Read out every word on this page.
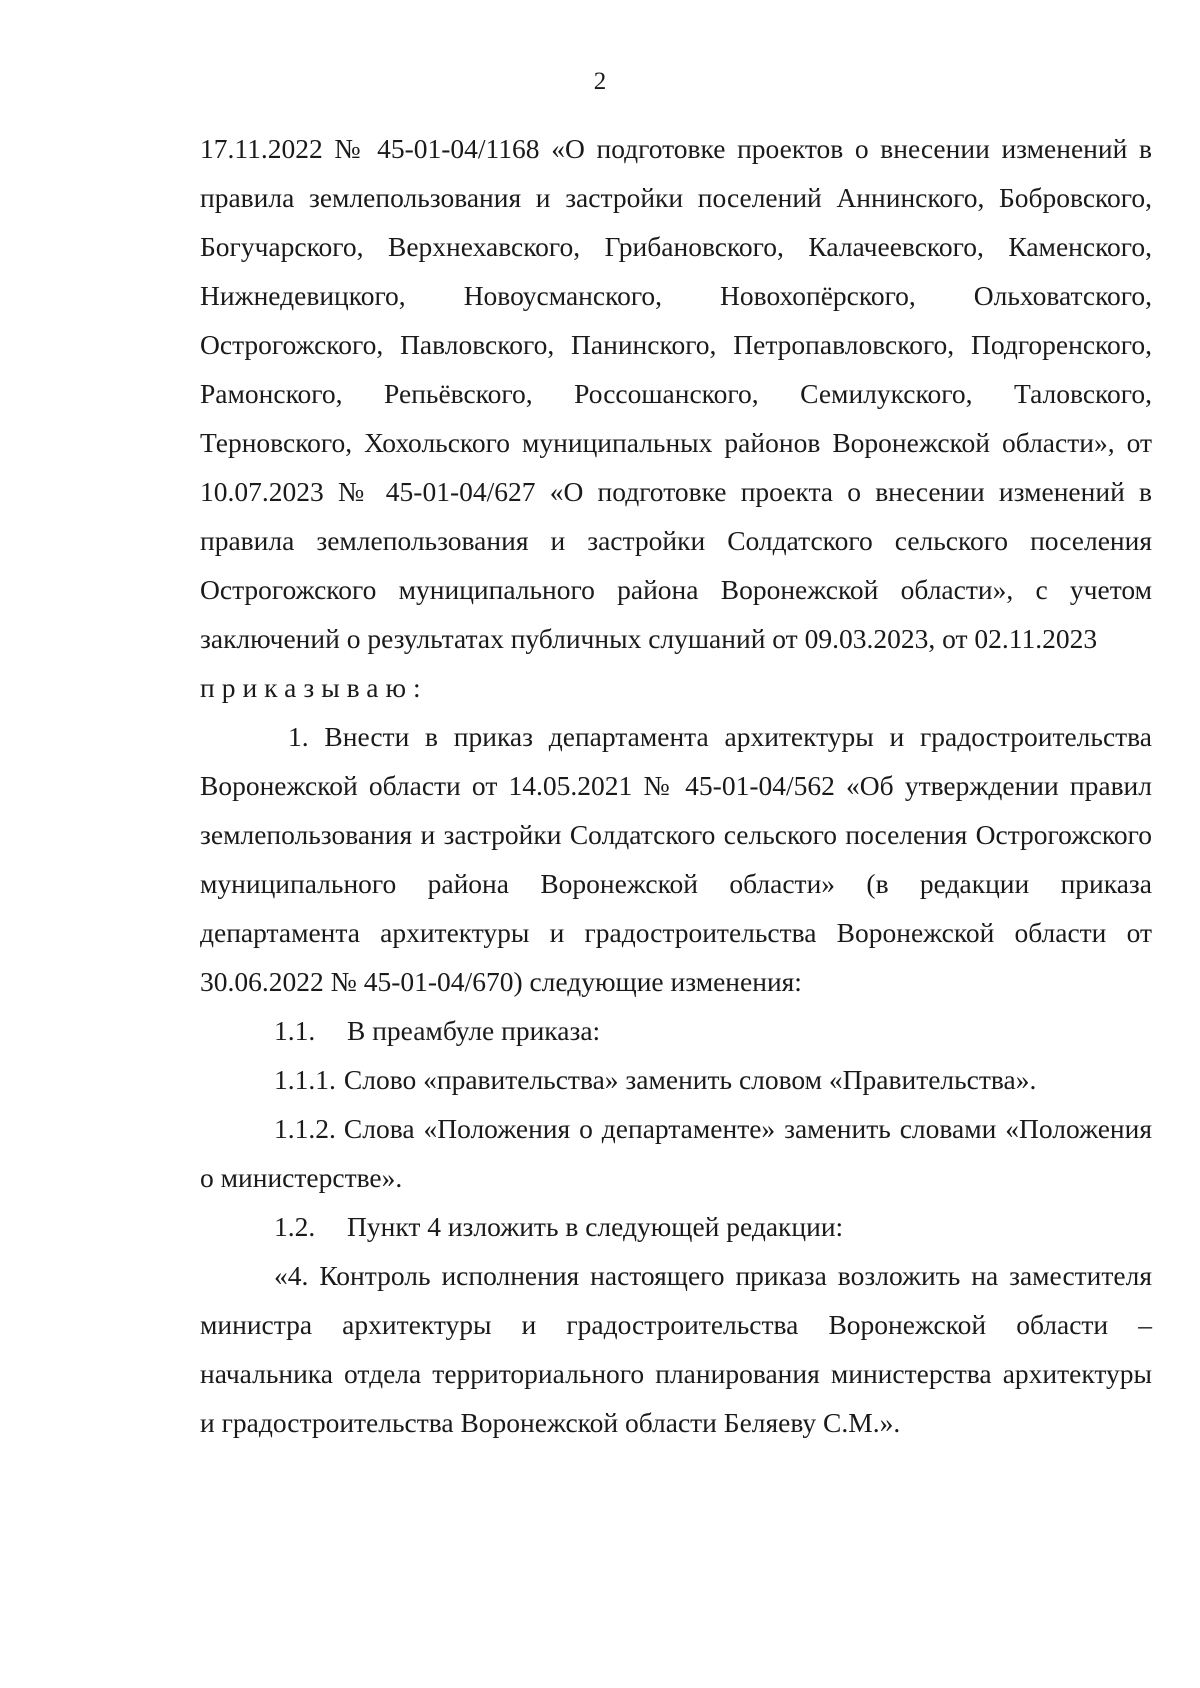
2

17.11.2022 № 45-01-04/1168 «О подготовке проектов о внесении изменений в правила землепользования и застройки поселений Аннинского, Бобровского, Богучарского, Верхнехавского, Грибановского, Калачеевского, Каменского, Нижнедевицкого, Новоусманского, Новохопёрского, Ольховатского, Острогожского, Павловского, Панинского, Петропавловского, Подгоренского, Рамонского, Репьёвского, Россошанского, Семилукского, Таловского, Терновского, Хохольского муниципальных районов Воронежской области», от 10.07.2023 № 45-01-04/627 «О подготовке проекта о внесении изменений в правила землепользования и застройки Солдатского сельского поселения Острогожского муниципального района Воронежской области», с учетом заключений о результатах публичных слушаний от 09.03.2023, от 02.11.2023

приказываю:

1. Внести в приказ департамента архитектуры и градостроительства Воронежской области от 14.05.2021 № 45-01-04/562 «Об утверждении правил землепользования и застройки Солдатского сельского поселения Острогожского муниципального района Воронежской области» (в редакции приказа департамента архитектуры и градостроительства Воронежской области от 30.06.2022 № 45-01-04/670) следующие изменения:

1.1. В преамбуле приказа:

1.1.1. Слово «правительства» заменить словом «Правительства».

1.1.2. Слова «Положения о департаменте» заменить словами «Положения о министерстве».

1.2. Пункт 4 изложить в следующей редакции:

«4. Контроль исполнения настоящего приказа возложить на заместителя министра архитектуры и градостроительства Воронежской области – начальника отдела территориального планирования министерства архитектуры и градостроительства Воронежской области Беляеву С.М.».
